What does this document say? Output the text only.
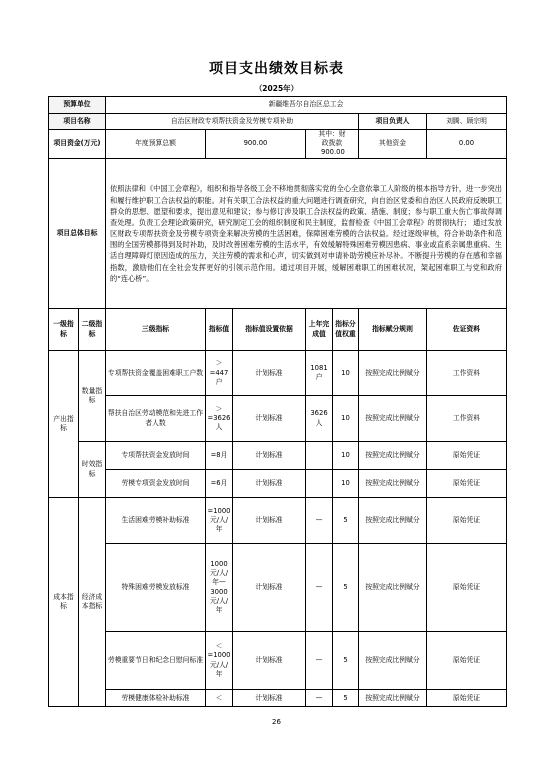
项目支出绩效目标表
（2025年）
预算单位		新疆维吾尔自治区总工会						
项目名称		自治区财政专项帮扶资金及劳模专项补助					项目负责人	刘腾、顾宗明
项目资金(万元)		年度预算总额	900.00		其中：财政拨款900.00		其他资金	0.00
项目总体目标		依照法律和《中国工会章程》，组织和指导各级工会不移地贯彻落实党的全心全意依靠工人阶级的根本指导方针，进一步突出和履行维护职工合法权益的职能。对有关职工合法权益的重大问题进行调查研究，向自治区党委和自治区人民政府反映职工群众的思想、愿望和要求，提出意见和建议；参与修订涉及职工合法权益的政策、措施、制度；参与职工重大伤亡事故得调查处理。负责工会理论政策研究，研究制定工会的组织制度和民主制度，监督检查《中国工会章程》的贯彻执行； 通过发放区财政专项帮扶资金及劳模专项资金来解决劳模的生活困难，保障困难劳模的合法权益。经过逐级审核，符合补助条件和范围的全国劳模都得到及时补助，及时改善困难劳模的生活水平，有效缓解特殊困难劳模因患病、事业或直系亲属患重病、生活自理障碍灯原因造成的压力，关注劳模的需求和心声，切实做到对申请补助劳模应补尽补。不断提升劳模的存在感和幸福指数，激励他们在全社会发挥更好的引领示范作用。通过项目开展，缓解困难职工的困难状况，架起困难职工与党和政府的“连心桥”。						
一级指标	二级指标	三级指标	指标值	指标值设置依据	上年完成值	指标分值权重	指标赋分规则	佐证资料
产出指标	数量指标	专项帮扶资金覆盖困难职工户数	＞=447户	计划标准	1081户	10	按照完成比例赋分	工作资料
		帮扶自治区劳动模范和先进工作者人数	＞=3626人	计划标准	3626人	10	按照完成比例赋分	工作资料
	时效指标	专项帮扶资金发放时间	=8月	计划标准		10	按照完成比例赋分	原始凭证
		劳模专项资金发放时间	=6月	计划标准		10	按照完成比例赋分	原始凭证
成本指标	经济成本指标	生活困难劳模补助标准	=1000元/人/年	计划标准	—	5	按照完成比例赋分	原始凭证
		特殊困难劳模发放标准	1000元/人/年—3000元/人/年	计划标准	—	5	按照完成比例赋分	原始凭证
		劳模重要节日和纪念日慰问标准	＜=1000元/人/年	计划标准	—	5	按照完成比例赋分	原始凭证
		劳模健康体检补助标准	＜	计划标准	—	5	按照完成比例赋分	原始凭证
26
